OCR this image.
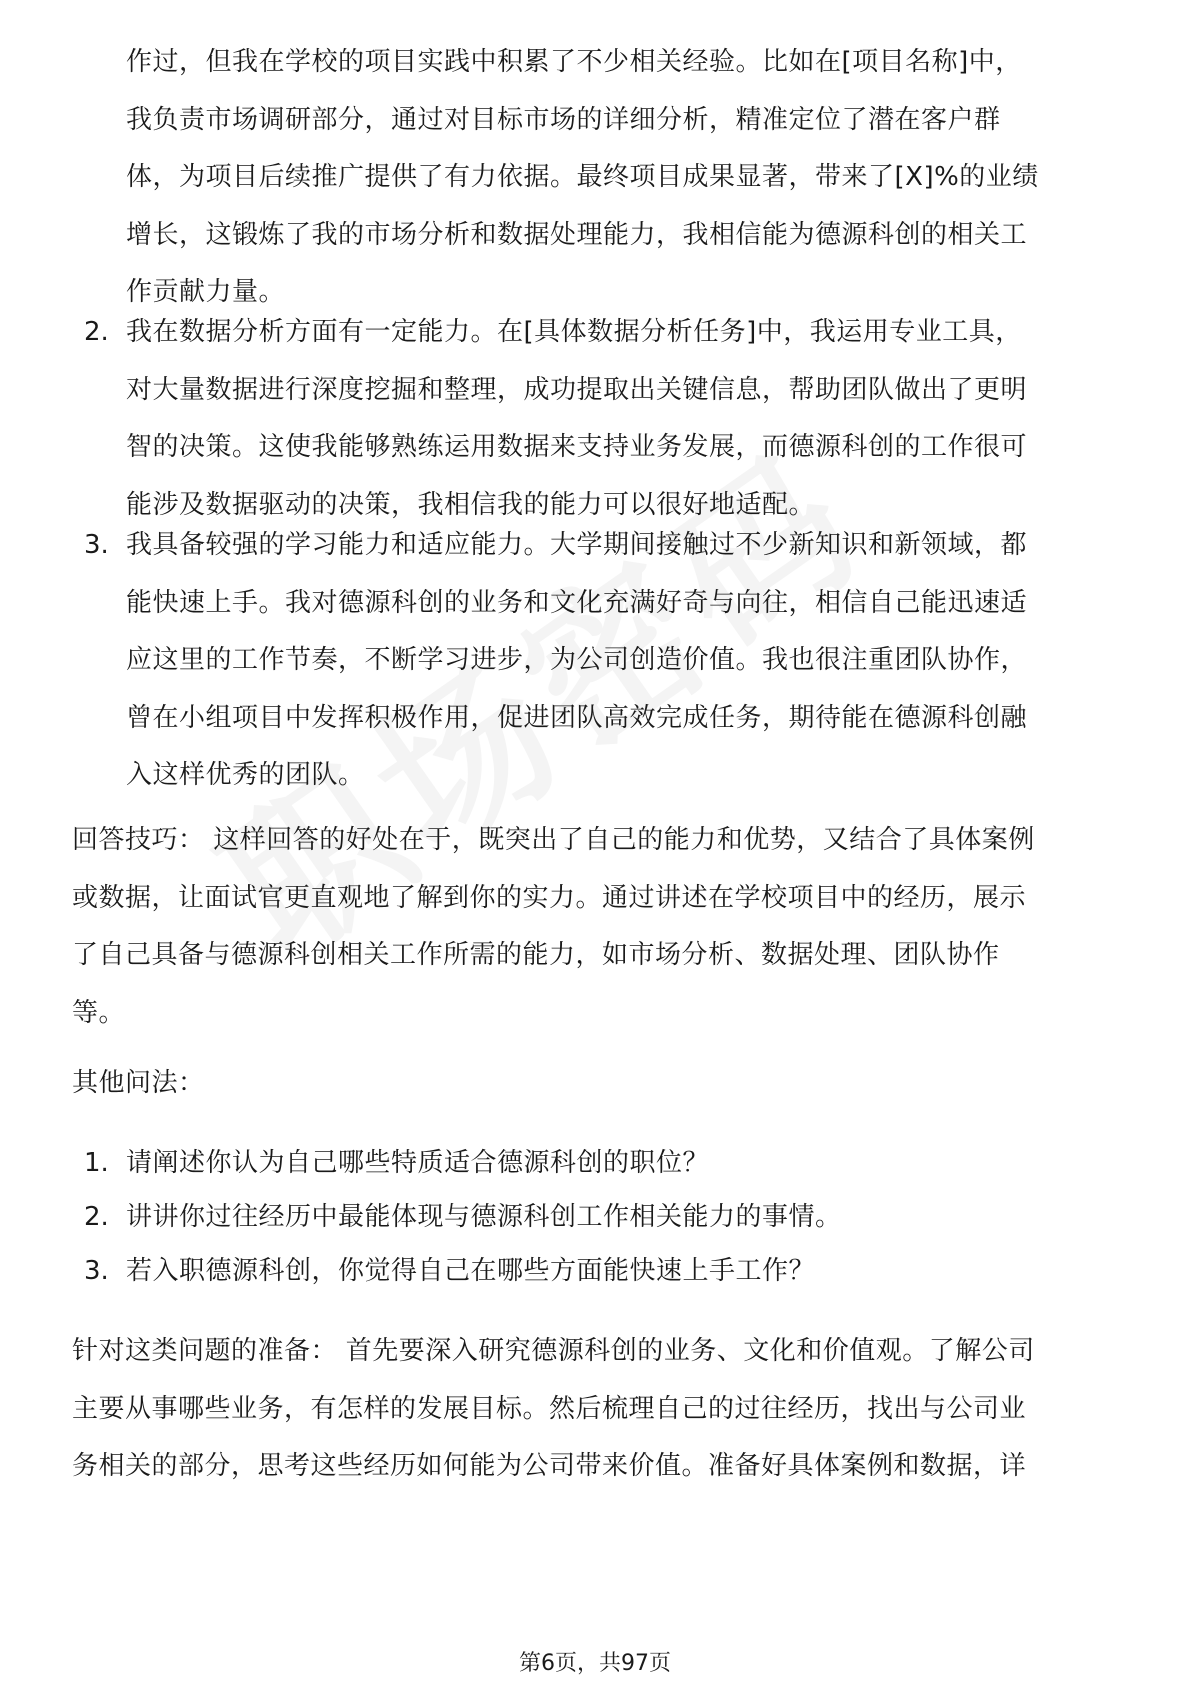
作过，但我在学校的项目实践中积累了不少相关经验。比如在[项目名称]中，
我负责市场调研部分，通过对目标市场的详细分析，精准定位了潜在客户群
体，为项目后续推广提供了有力依据。最终项目成果显著，带来了[X]%的业绩
增长，这锻炼了我的市场分析和数据处理能力，我相信能为德源科创的相关工
作贡献力量。
2. 我在数据分析方面有一定能力。在[具体数据分析任务]中，我运用专业工具，
对大量数据进行深度挖掘和整理，成功提取出关键信息，帮助团队做出了更明
智的决策。这使我能够熟练运用数据来支持业务发展，而德源科创的工作很可
能涉及数据驱动的决策，我相信我的能力可以很好地适配。
3. 我具备较强的学习能力和适应能力。大学期间接触过不少新知识和新领域，都
能快速上手。我对德源科创的业务和文化充满好奇与向往，相信自己能迅速适
应这里的工作节奏，不断学习进步，为公司创造价值。我也很注重团队协作，
曾在小组项目中发挥积极作用，促进团队高效完成任务，期待能在德源科创融
入这样优秀的团队。
回答技巧： 这样回答的好处在于，既突出了自己的能力和优势，又结合了具体案例
或数据，让面试官更直观地了解到你的实力。通过讲述在学校项目中的经历，展示
了自己具备与德源科创相关工作所需的能力，如市场分析、数据处理、团队协作
等。
其他问法：
1. 请阐述你认为自己哪些特质适合德源科创的职位？
2. 讲讲你过往经历中最能体现与德源科创工作相关能力的事情。
3. 若入职德源科创，你觉得自己在哪些方面能快速上手工作？
针对这类问题的准备： 首先要深入研究德源科创的业务、文化和价值观。了解公司
主要从事哪些业务，有怎样的发展目标。然后梳理自己的过往经历，找出与公司业
务相关的部分，思考这些经历如何能为公司带来价值。准备好具体案例和数据，详
第6页，共97页
